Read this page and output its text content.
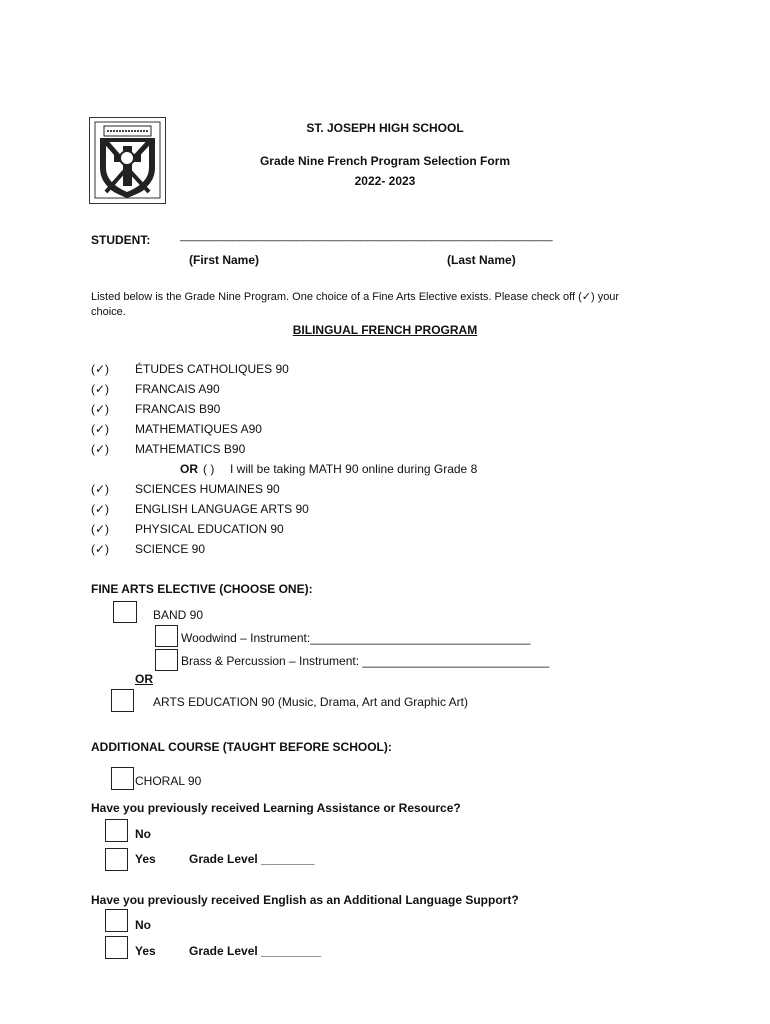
ST. JOSEPH HIGH SCHOOL
Grade Nine French Program Selection Form
2022- 2023
STUDENT:	________________________________________________________________
(First Name)	(Last Name)
Listed below is the Grade Nine Program. One choice of a Fine Arts Elective exists. Please check off (✓) your
choice.
BILINGUAL FRENCH PROGRAM
(✓) ÉTUDES CATHOLIQUES 90
(✓) FRANCAIS A90
(✓) FRANCAIS B90
(✓) MATHEMATIQUES A90
(✓) MATHEMATICS B90
OR ( ) I will be taking MATH 90 online during Grade 8
(✓) SCIENCES HUMAINES 90
(✓) ENGLISH LANGUAGE ARTS 90
(✓) PHYSICAL EDUCATION 90
(✓) SCIENCE 90
FINE ARTS ELECTIVE (CHOOSE ONE):
BAND 90
Woodwind – Instrument:_________________________________
Brass & Percussion – Instrument: ____________________________
OR
ARTS EDUCATION 90 (Music, Drama, Art and Graphic Art)
ADDITIONAL COURSE (TAUGHT BEFORE SCHOOL):
CHORAL 90
Have you previously received Learning Assistance or Resource?
No
Yes	Grade Level ________
Have you previously received English as an Additional Language Support?
No
Yes	Grade Level _________
